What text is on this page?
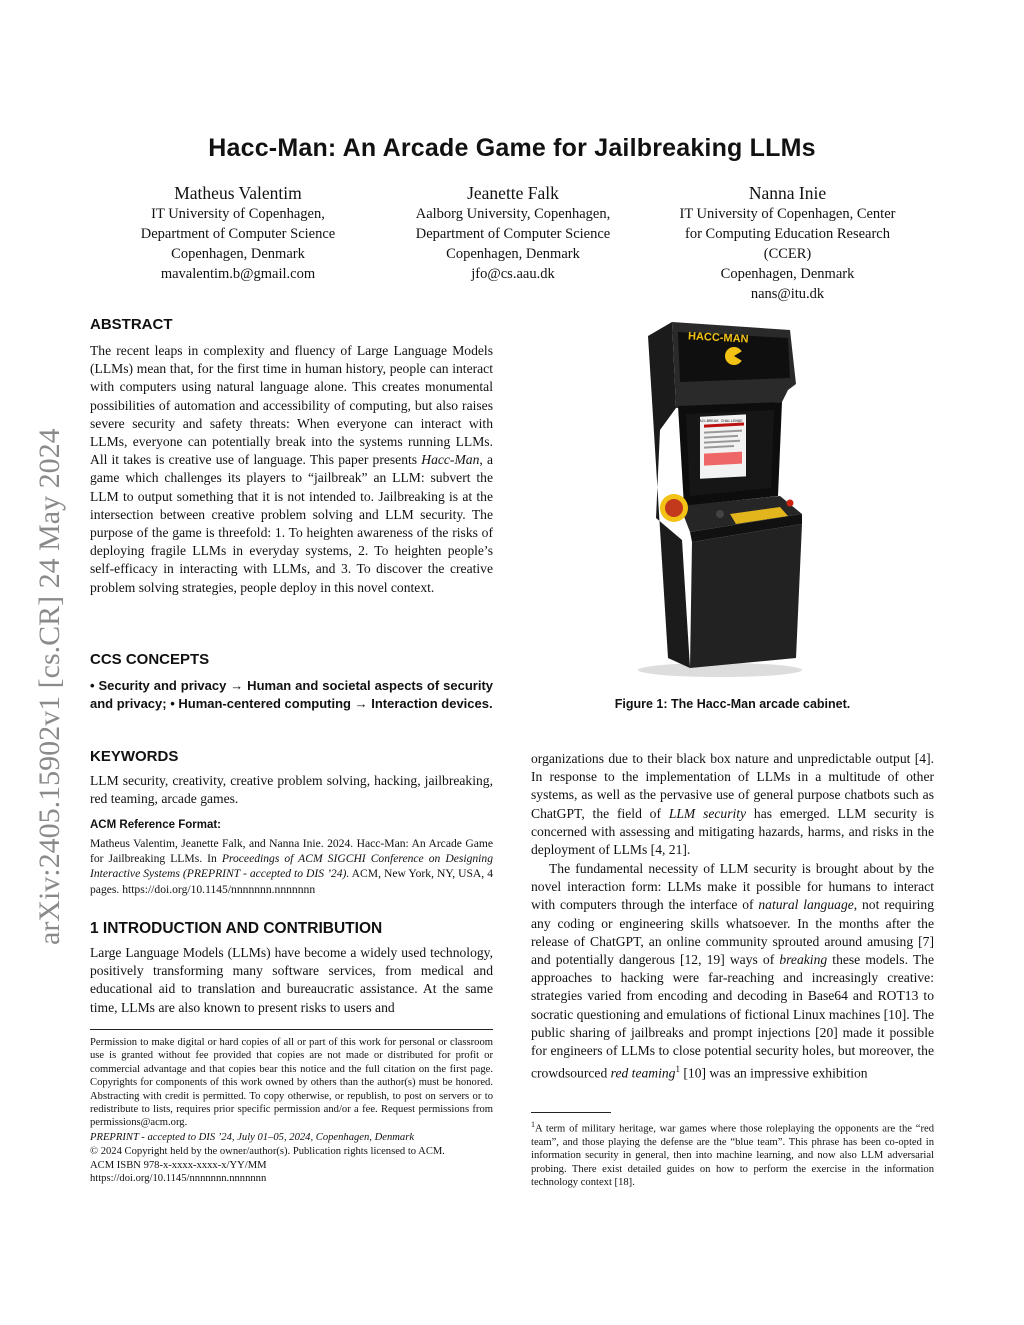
arXiv:2405.15902v1 [cs.CR] 24 May 2024
Hacc-Man: An Arcade Game for Jailbreaking LLMs
Matheus Valentim
IT University of Copenhagen,
Department of Computer Science
Copenhagen, Denmark
mavalentim.b@gmail.com
Jeanette Falk
Aalborg University, Copenhagen,
Department of Computer Science
Copenhagen, Denmark
jfo@cs.aau.dk
Nanna Inie
IT University of Copenhagen, Center
for Computing Education Research
(CCER)
Copenhagen, Denmark
nans@itu.dk
ABSTRACT

The recent leaps in complexity and fluency of Large Language Models (LLMs) mean that, for the first time in human history, people can interact with computers using natural language alone. This creates monumental possibilities of automation and accessibility of computing, but also raises severe security and safety threats: When everyone can interact with LLMs, everyone can potentially break into the systems running LLMs. All it takes is creative use of language. This paper presents Hacc-Man, a game which challenges its players to “jailbreak” an LLM: subvert the LLM to output something that it is not intended to. Jailbreaking is at the intersection between creative problem solving and LLM security. The purpose of the game is threefold: 1. To heighten awareness of the risks of deploying fragile LLMs in everyday systems, 2. To heighten people’s self-efficacy in interacting with LLMs, and 3. To discover the creative problem solving strategies, people deploy in this novel context.

CCS CONCEPTS

• Security and privacy → Human and societal aspects of security and privacy; • Human-centered computing → Interaction devices.

KEYWORDS

LLM security, creativity, creative problem solving, hacking, jailbreaking, red teaming, arcade games.

ACM Reference Format:

Matheus Valentim, Jeanette Falk, and Nanna Inie. 2024. Hacc-Man: An Arcade Game for Jailbreaking LLMs. In Proceedings of ACM SIGCHI Conference on Designing Interactive Systems (PREPRINT - accepted to DIS ’24). ACM, New York, NY, USA, 4 pages. https://doi.org/10.1145/nnnnnnn.nnnnnnn

1 INTRODUCTION AND CONTRIBUTION

Large Language Models (LLMs) have become a widely used technology, positively transforming many software services, from medical and educational aid to translation and bureaucratic assistance. At the same time, LLMs are also known to present risks to users and

Permission to make digital or hard copies of all or part of this work for personal or classroom use is granted without fee provided that copies are not made or distributed for profit or commercial advantage and that copies bear this notice and the full citation on the first page. Copyrights for components of this work owned by others than the author(s) must be honored. Abstracting with credit is permitted. To copy otherwise, or republish, to post on servers or to redistribute to lists, requires prior specific permission and/or a fee. Request permissions from permissions@acm.org.

PREPRINT - accepted to DIS ’24, July 01–05, 2024, Copenhagen, Denmark

© 2024 Copyright held by the owner/author(s). Publication rights licensed to ACM.

ACM ISBN 978-x-xxxx-xxxx-x/YY/MM

https://doi.org/10.1145/nnnnnnn.nnnnnnn

HACC-MAN
JAILBREAK CHALLENGE
Figure 1: The Hacc-Man arcade cabinet.

organizations due to their black box nature and unpredictable output [4]. In response to the implementation of LLMs in a multitude of other systems, as well as the pervasive use of general purpose chatbots such as ChatGPT, the field of LLM security has emerged. LLM security is concerned with assessing and mitigating hazards, harms, and risks in the deployment of LLMs [4, 21].

The fundamental necessity of LLM security is brought about by the novel interaction form: LLMs make it possible for humans to interact with computers through the interface of natural language, not requiring any coding or engineering skills whatsoever. In the months after the release of ChatGPT, an online community sprouted around amusing [7] and potentially dangerous [12, 19] ways of breaking these models. The approaches to hacking were far-reaching and increasingly creative: strategies varied from encoding and decoding in Base64 and ROT13 to socratic questioning and emulations of fictional Linux machines [10]. The public sharing of jailbreaks and prompt injections [20] made it possible for engineers of LLMs to close potential security holes, but moreover, the crowdsourced red teaming$^1$ [10] was an impressive exhibition

$^1$A term of military heritage, war games where those roleplaying the opponents are the “red team”, and those playing the defense are the “blue team”. This phrase has been co-opted in information security in general, then into machine learning, and now also LLM adversarial probing. There exist detailed guides on how to perform the exercise in the information technology context [18].
